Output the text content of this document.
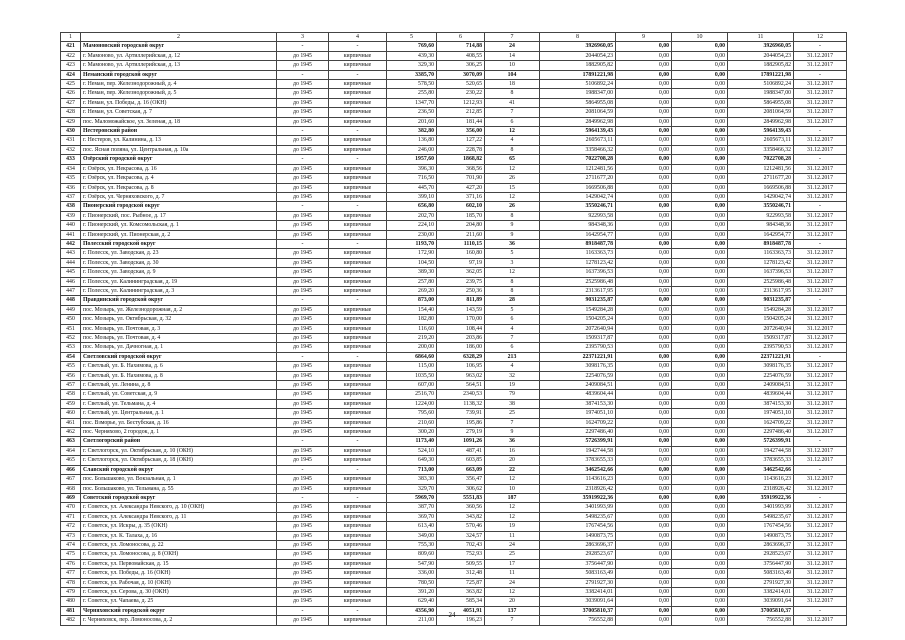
1	2	3	4	5	6	7	8	9	10	11	12
421	Мамоновский городской округ	-	-	769,60	714,88	24	3926960,05	0,00	0,00	3926960,05	-
422	г. Мамоново, ул. Артиллерийская, д. 12	до 1945	кирпичные	439,30	408,55	14	2044054,23	0,00	0,00	2044054,23	31.12.2017
423	г. Мамоново, ул. Артиллерийская, д. 13	до 1945	кирпичные	329,30	306,25	10	1882905,82	0,00	0,00	1882905,82	31.12.2017
424	Неманский городской округ	-	-	3385,70	3070,09	104	17891221,98	0,00	0,00	17891221,98	-
425	г. Неман, пер. Железнодорожный, д. 4	до 1945	кирпичные	578,50	520,65	18	5106892,24	0,00	0,00	5106892,24	31.12.2017
426	г. Неман, пер. Железнодорожный, д. 5	до 1945	кирпичные	255,80	230,22	8	1988347,00	0,00	0,00	1988347,00	31.12.2017
427	г. Неман, ул. Победы, д. 16 (ОКН)	до 1945	кирпичные	1347,70	1212,93	41	5864955,08	0,00	0,00	5864955,08	31.12.2017
428	г. Неман, ул. Советская, д. 7	до 1945	кирпичные	236,50	212,85	7	2081064,59	0,00	0,00	2081064,59	31.12.2017
429	пос. Маломожайское, ул. Зеленая, д. 18	до 1945	кирпичные	201,60	181,44	6	2849962,98	0,00	0,00	2849962,98	31.12.2017
430	Нестеровский район	-	-	382,80	356,00	12	5964139,43	0,00	0,00	5964139,43	-
431	г. Нестеров, ул. Калинина, д. 13	до 1945	кирпичные	136,80	127,22	4	2605673,11	0,00	0,00	2605673,11	31.12.2017
432	пос. Ясная поляна, ул. Центральная, д. 10а	до 1945	кирпичные	246,00	228,78	8	3358466,32	0,00	0,00	3358466,32	31.12.2017
433	Озёрский городской округ	-	-	1957,60	1868,82	65	7022708,28	0,00	0,00	7022708,28	-
434	г. Озёрск, ул. Некрасова, д. 16	до 1945	кирпичные	396,30	368,56	12	1212481,56	0,00	0,00	1212481,56	31.12.2017
435	г. Озёрск, ул. Некрасова, д. 4	до 1945	кирпичные	716,50	701,90	26	2711677,20	0,00	0,00	2711677,20	31.12.2017
436	г. Озёрск, ул. Некрасова, д. 8	до 1945	кирпичные	445,70	427,20	15	1669506,88	0,00	0,00	1669506,88	31.12.2017
437	г. Озёрск, ул. Черняховского, д. 7	до 1945	кирпичные	399,10	371,16	12	1429042,74	0,00	0,00	1429042,74	31.12.2017
438	Пионерский городской округ	-	-	656,80	602,10	26	3550246,71	0,00	0,00	3550246,71	-
439	г. Пионерский, пос. Рыбное, д. 17	до 1945	кирпичные	202,70	185,70	8	922993,58	0,00	0,00	922993,58	31.12.2017
440	г. Пионерский, ул. Комсомольская, д. 1	до 1945	кирпичные	224,10	204,80	9	984348,36	0,00	0,00	984348,36	31.12.2017
441	г. Пионерский, ул. Пионерская, д. 2	до 1945	кирпичные	230,00	211,60	9	1642954,77	0,00	0,00	1642954,77	31.12.2017
442	Полесский городской округ	-	-	1193,70	1110,15	36	8918487,78	0,00	0,00	8918487,78	-
443	г. Полесск, ул. Заводская, д. 23	до 1945	кирпичные	172,90	160,80	5	1163363,73	0,00	0,00	1163363,73	31.12.2017
444	г. Полесск, ул. Заводская, д. 30	до 1945	кирпичные	104,50	97,19	3	1278123,42	0,00	0,00	1278123,42	31.12.2017
445	г. Полесск, ул. Заводская, д. 9	до 1945	кирпичные	389,30	362,05	12	1637396,53	0,00	0,00	1637396,53	31.12.2017
446	г. Полесск, ул. Калининградская, д. 19	до 1945	кирпичные	257,80	239,75	8	2525986,48	0,00	0,00	2525986,48	31.12.2017
447	г. Полесск, ул. Калининградская, д. 3	до 1945	кирпичные	269,20	250,36	8	2313617,95	0,00	0,00	2313617,95	31.12.2017
448	Правдинский городской округ	-	-	873,00	811,89	28	9031235,87	0,00	0,00	9031235,87	-
449	пос. Мозырь, ул. Железнодорожная, д. 2	до 1945	кирпичные	154,40	143,59	5	1549284,28	0,00	0,00	1549284,28	31.12.2017
450	пос. Мозырь, ул. Октябрьская, д. 32	до 1945	кирпичные	182,80	170,00	6	1504205,24	0,00	0,00	1504205,24	31.12.2017
451	пос. Мозырь, ул. Почтовая, д. 3	до 1945	кирпичные	116,60	108,44	4	2072640,94	0,00	0,00	2072640,94	31.12.2017
452	пос. Мозырь, ул. Почтовая, д. 4	до 1945	кирпичные	219,20	203,86	7	1509317,87	0,00	0,00	1509317,87	31.12.2017
453	пос. Мозырь, ул. Дачногная, д. 1	до 1945	кирпичные	200,00	186,00	6	2395790,53	0,00	0,00	2395790,53	31.12.2017
454	Светловский городской округ	-	-	6864,60	6328,29	213	22371221,91	0,00	0,00	22371221,91	-
455	г. Светлый, ул. Б. Нахимова, д. 6	до 1945	кирпичные	115,00	106,95	4	3098176,35	0,00	0,00	3098176,35	31.12.2017
456	г. Светлый, ул. Б. Нахимова, д. 8	до 1945	кирпичные	1035,50	963,02	32	2254076,59	0,00	0,00	2254076,59	31.12.2017
457	г. Светлый, ул. Ленина, д. 8	до 1945	кирпичные	607,00	564,51	19	2409084,51	0,00	0,00	2409084,51	31.12.2017
458	г. Светлый, ул. Советская, д. 9	до 1945	кирпичные	2516,70	2340,53	79	4839604,44	0,00	0,00	4839604,44	31.12.2017
459	г. Светлый, ул. Тельмана, д. 4	до 1945	кирпичные	1224,00	1138,32	38	3874153,30	0,00	0,00	3874153,30	31.12.2017
460	г. Светлый, ул. Центральная, д. 1	до 1945	кирпичные	795,60	739,91	25	1974051,10	0,00	0,00	1974051,10	31.12.2017
461	пос. Взморье, ул. Бестубская, д. 16	до 1945	кирпичные	210,60	195,86	7	1624709,22	0,00	0,00	1624709,22	31.12.2017
462	пос. Черняхово, 2 городок, д. 1	до 1945	кирпичные	300,20	279,19	9	2297486,40	0,00	0,00	2297486,40	31.12.2017
463	Светлогорский район	-	-	1173,40	1091,26	36	5726399,91	0,00	0,00	5726399,91	-
464	г. Светлогорск, ул. Октябрьская, д. 10 (ОКН)	до 1945	кирпичные	524,10	487,41	16	1942744,58	0,00	0,00	1942744,58	31.12.2017
465	г. Светлогорск, ул. Октябрьская, д. 18 (ОКН)	до 1945	кирпичные	649,30	603,85	20	3783655,33	0,00	0,00	3783655,33	31.12.2017
466	Славский городской округ	-	-	713,00	663,09	22	3462542,66	0,00	0,00	3462542,66	-
467	пос. Большаково, ул. Вокзальная, д. 1	до 1945	кирпичные	383,30	356,47	12	1143616,23	0,00	0,00	1143616,23	31.12.2017
468	пос. Большаково, ул. Тельмана, д. 55	до 1945	кирпичные	329,70	306,62	10	2318926,42	0,00	0,00	2318926,42	31.12.2017
469	Советский городской округ	-	-	5969,70	5551,83	187	35919922,36	0,00	0,00	35919922,36	-
470	г. Советск, ул. Александра Невского, д. 10 (ОКН)	до 1945	кирпичные	387,70	360,56	12	3401993,99	0,00	0,00	3401993,99	31.12.2017
471	г. Советск, ул. Александра Невского, д. 11	до 1945	кирпичные	369,70	343,82	12	5498235,67	0,00	0,00	5498235,67	31.12.2017
472	г. Советск, ул. Искры, д. 35 (ОКН)	до 1945	кирпичные	613,40	570,46	19	1767454,56	0,00	0,00	1767454,56	31.12.2017
473	г. Советск, ул. К. Талаха, д. 16	до 1945	кирпичные	349,00	324,57	11	1490873,75	0,00	0,00	1490873,75	31.12.2017
474	г. Советск, ул. Ломоносова, д. 22	до 1945	кирпичные	755,30	702,43	24	2863696,37	0,00	0,00	2863696,37	31.12.2017
475	г. Советск, ул. Ломоносова, д. 8 (ОКН)	до 1945	кирпичные	809,60	752,93	25	2928523,67	0,00	0,00	2928523,67	31.12.2017
476	г. Советск, ул. Первомайская, д. 15	до 1945	кирпичные	547,90	509,55	17	3756447,90	0,00	0,00	3756447,90	31.12.2017
477	г. Советск, ул. Победы, д. 16 (ОКН)	до 1945	кирпичные	336,00	312,48	11	5083163,49	0,00	0,00	5083163,49	31.12.2017
478	г. Советск, ул. Рабочая, д. 10 (ОКН)	до 1945	кирпичные	780,50	725,87	24	2791927,30	0,00	0,00	2791927,30	31.12.2017
479	г. Советск, ул. Серова, д. 30 (ОКН)	до 1945	кирпичные	391,20	363,82	12	3382414,01	0,00	0,00	3382414,01	31.12.2017
480	г. Советск, ул. Чапаева, д. 25	до 1945	кирпичные	629,40	585,34	20	3039091,64	0,00	0,00	3039091,64	31.12.2017
481	Черняховский городской округ	-	-	4356,90	4051,91	137	37005810,37	0,00	0,00	37005810,37	-
482	г. Черняховск, пер. Ломоносова, д. 2	до 1945	кирпичные	211,00	196,23	7	756552,88	0,00	0,00	756552,88	31.12.2017
24
